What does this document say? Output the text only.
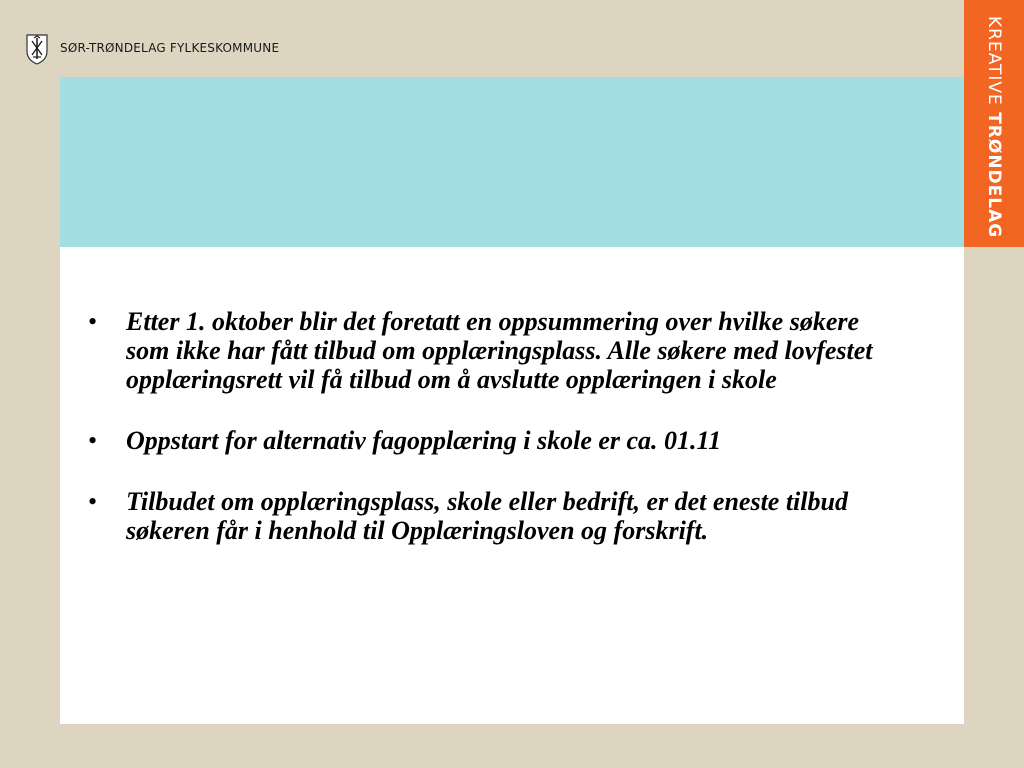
SØR-TRØNDELAG FYLKESKOMMUNE	KREATIVE TRØNDELAG
• Etter 1. oktober blir det foretatt en oppsummering over hvilke søkere som ikke har fått tilbud om opplæringsplass. Alle søkere med lovfestet opplæringsrett vil få tilbud om å avslutte opplæringen i skole
• Oppstart for alternativ fagopplæring i skole er ca. 01.11
• Tilbudet om opplæringsplass, skole eller bedrift, er det eneste tilbud søkeren får i henhold til Opplæringsloven og forskrift.
